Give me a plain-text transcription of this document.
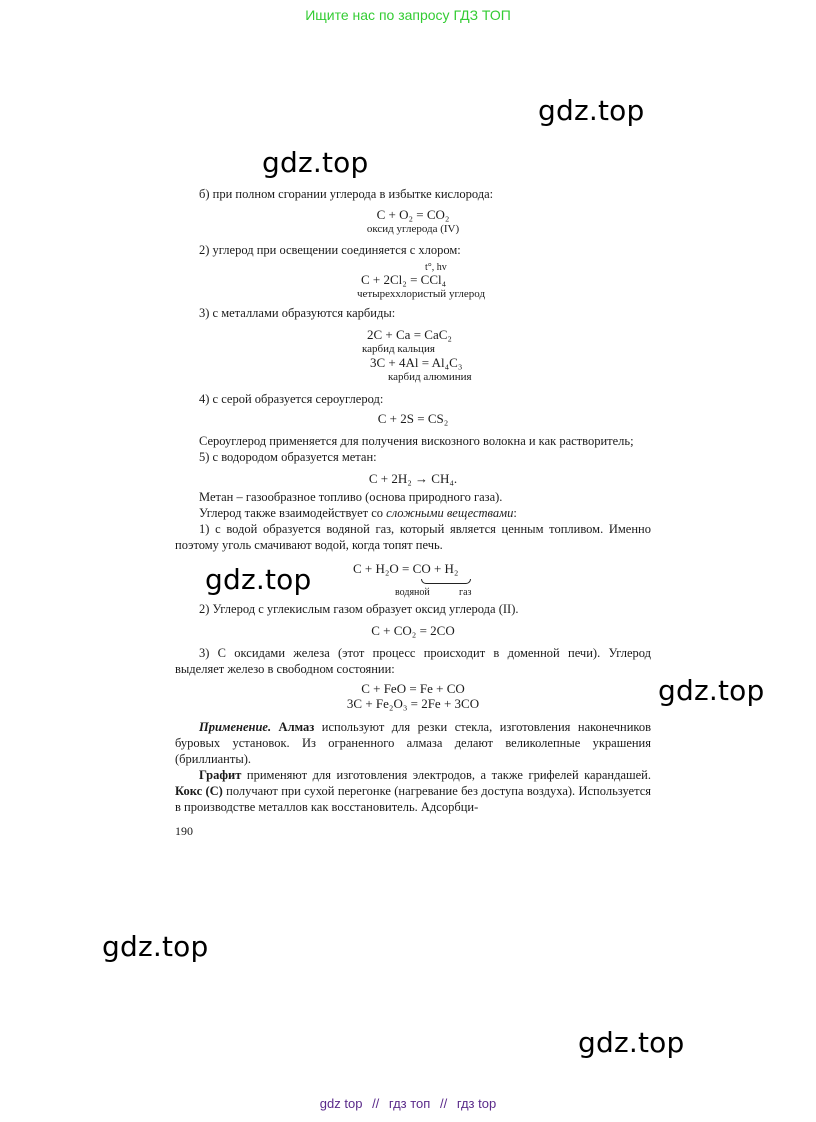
Ищите нас по запросу ГДЗ ТОП
gdz.top
gdz.top
gdz.top
gdz.top
gdz.top
gdz.top
б) при полном сгорании углерода в избытке кислорода:
C + O₂ = CO₂
оксид углерода (IV)
2) углерод при освещении соединяется с хлором:
t°, hv
C + 2Cl₂ = CCl₄
четыреххлористый углерод
3) с металлами образуются карбиды:
2C + Ca = CaC₂
карбид кальция
3C + 4Al = Al₄C₃
карбид алюминия
4) с серой образуется сероуглерод:
C + 2S = CS₂
Сероуглерод применяется для получения вискозного волокна и как растворитель;
5) с водородом образуется метан:
C + 2H₂ → CH₄.
Метан – газообразное топливо (основа природного газа).
Углерод также взаимодействует со сложными веществами:
1) с водой образуется водяной газ, который является ценным топливом. Именно поэтому уголь смачивают водой, когда топят печь.
C + H₂O = CO + H₂
водяной	газ
2) Углерод с углекислым газом образует оксид углерода (II).
C + CO₂ = 2CO
3) С оксидами железа (этот процесс происходит в доменной печи). Углерод выделяет железо в свободном состоянии:
C + FeO = Fe + CO
3C + Fe₂O₃ = 2Fe + 3CO
Применение. Алмаз используют для резки стекла, изготовления наконечников буровых установок. Из ограненного алмаза делают великолепные украшения (бриллианты).
Графит применяют для изготовления электродов, а также грифелей карандашей. Кокс (С) получают при сухой перегонке (нагревание без доступа воздуха). Используется в производстве металлов как восстановитель. Адсорбци-
190
gdz top // гдз топ // гдз top
